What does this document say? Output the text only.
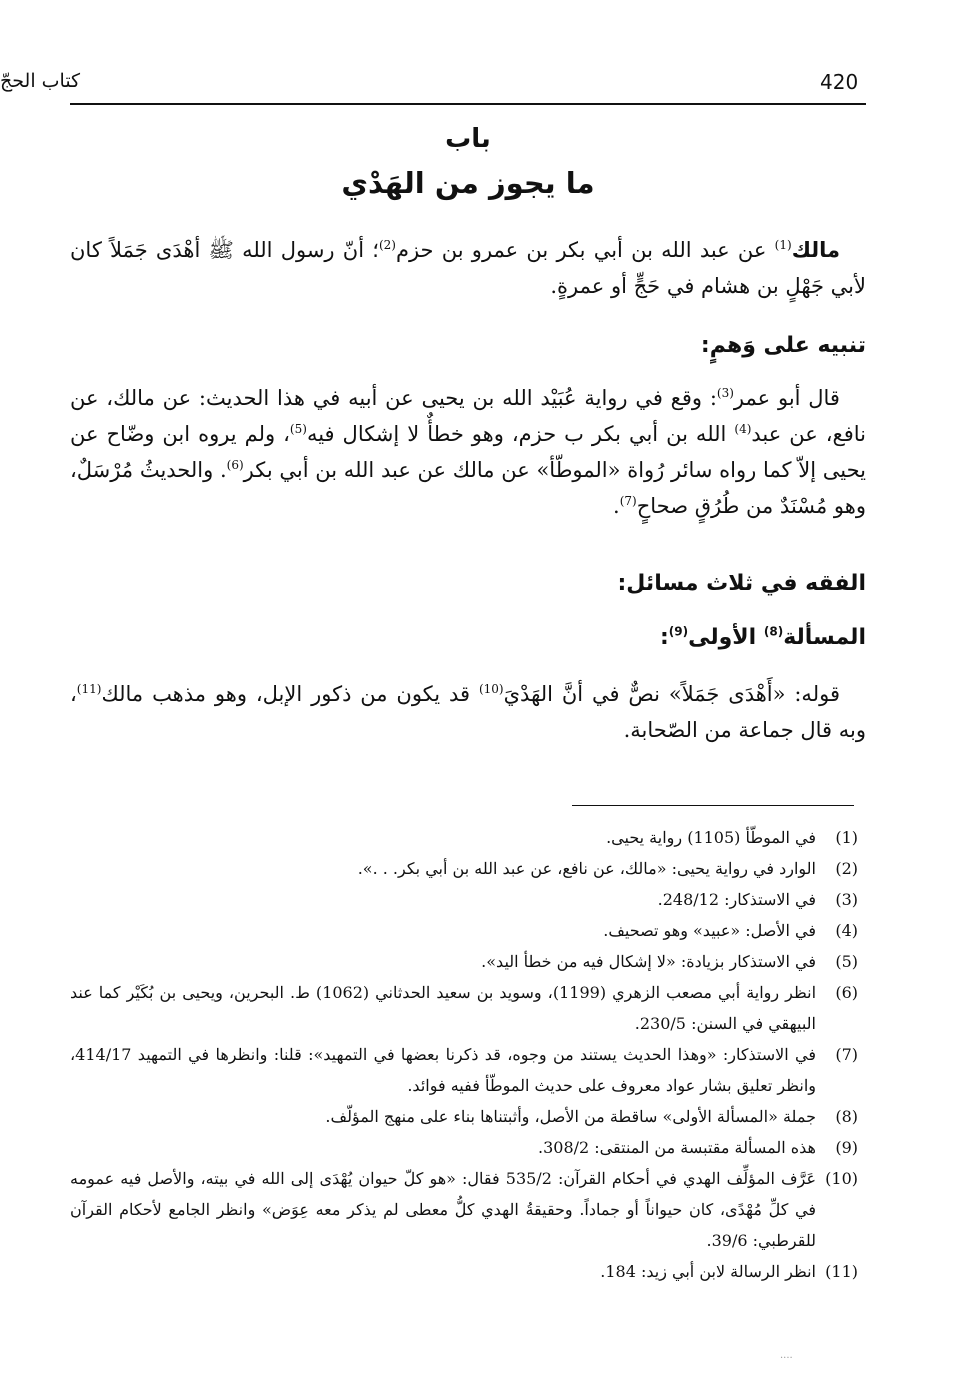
420
كتاب الحجّ
باب
ما يجوز من الهَدْي

مالك$^{(1)}$ عن عبد الله بن أبي بكر بن عمرو بن حزم$^{(2)}$؛ أنّ رسول الله ﷺ أهْدَى جَمَلاً كان لأبي جَهْلٍ بن هشام في حَجٍّ أو عمرةٍ.

تنبيه على وَهمٍ:

قال أبو عمر$^{(3)}$: وقع في رواية عُبَيْد الله بن يحيى عن أبيه في هذا الحديث: عن مالك، عن نافع، عن عبد$^{(4)}$ الله بن أبي بكر ب حزم، وهو خطأٌ لا إشكال فيه$^{(5)}$، ولم يروه ابن وضّاح عن يحيى إلاّ كما رواه سائر رُواة «الموطّأ» عن مالك عن عبد الله بن أبي بكر$^{(6)}$. والحديثُ مُرْسَلٌ، وهو مُسْنَدٌ من طُرُقٍ صحاحٍ$^{(7)}$.

الفقه في ثلاث مسائل:
المسألة$^{(8)}$ الأولى$^{(9)}$:

قوله: «أَهْدَى جَمَلاً» نصٌّ في أنَّ الهَدْيَ$^{(10)}$ قد يكون من ذكور الإبل، وهو مذهب مالك$^{(11)}$، وبه قال جماعة من الصّحابة.

(1)
في الموطّأ (1105) رواية يحيى.
(2)
الوارد في رواية يحيى: «مالك، عن نافع، عن عبد الله بن أبي بكر. . .».
(3)
في الاستذكار: 248/12.
(4)
في الأصل: «عبيد» وهو تصحيف.
(5)
في الاستذكار بزيادة: «لا إشكال فيه من خطأ اليد».
(6)
انظر رواية أبي مصعب الزهري (1199)، وسويد بن سعيد الحدثاني (1062) ط. البحرين، ويحيى بن بُكَيْر كما عند البيهقي في السنن: 230/5.
(7)
في الاستذكار: «وهذا الحديث يستند من وجوه، قد ذكرنا بعضها في التمهيد»: قلنا: وانظرها في التمهيد 414/17، وانظر تعليق بشار عواد معروف على حديث الموطّأ ففيه فوائد.
(8)
جملة «المسألة الأولى» ساقطة من الأصل، وأثبتناها بناء على منهج المؤلّف.
(9)
هذه المسألة مقتبسة من المنتقى: 308/2.
(10)
عَرَّف المؤلِّف الهدي في أحكام القرآن: 535/2 فقال: «هو كلّ حيوان يُهْدَى إلى الله في بيته، والأصل فيه عمومه في كلِّ مُهْدًى، كان حيواناً أو جماداً. وحقيقةُ الهدي كلُّ معطى لم يذكر معه عِوَض» وانظر الجامع لأحكام القرآن للقرطبي: 39/6.
(11)
انظر الرسالة لابن أبي زيد: 184.
....
